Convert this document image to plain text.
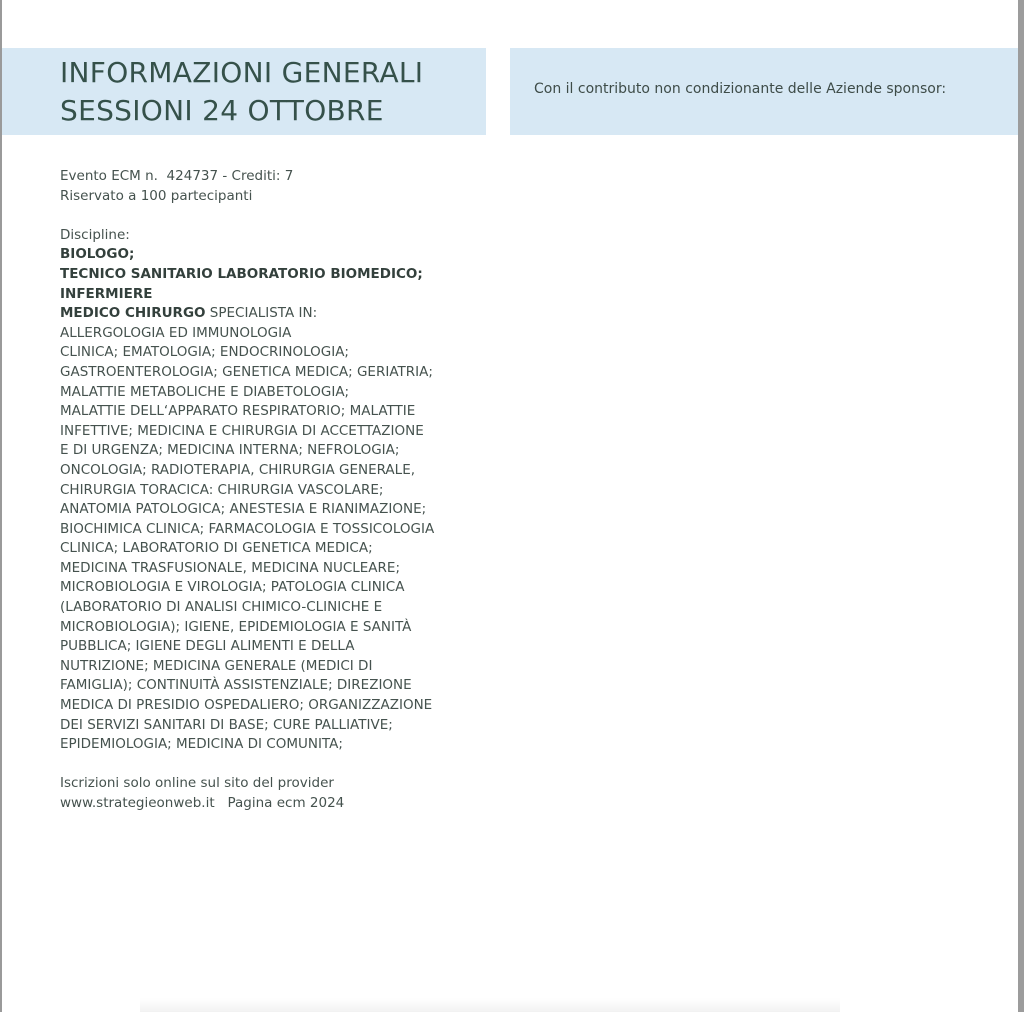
INFORMAZIONI GENERALI
SESSIONI 24 OTTOBRE
Con il contributo non condizionante delle Aziende sponsor:

Evento ECM n.  424737 - Crediti: 7

Riservato a 100 partecipanti

Discipline:

BIOLOGO;

TECNICO SANITARIO LABORATORIO BIOMEDICO;

INFERMIERE

MEDICO CHIRURGO SPECIALISTA IN:

ALLERGOLOGIA ED IMMUNOLOGIA

CLINICA; EMATOLOGIA; ENDOCRINOLOGIA;

GASTROENTEROLOGIA; GENETICA MEDICA; GERIATRIA;

MALATTIE METABOLICHE E DIABETOLOGIA;

MALATTIE DELL‘APPARATO RESPIRATORIO; MALATTIE

INFETTIVE; MEDICINA E CHIRURGIA DI ACCETTAZIONE

E DI URGENZA; MEDICINA INTERNA; NEFROLOGIA;

ONCOLOGIA; RADIOTERAPIA, CHIRURGIA GENERALE,

CHIRURGIA TORACICA: CHIRURGIA VASCOLARE;

ANATOMIA PATOLOGICA; ANESTESIA E RIANIMAZIONE;

BIOCHIMICA CLINICA; FARMACOLOGIA E TOSSICOLOGIA

CLINICA; LABORATORIO DI GENETICA MEDICA;

MEDICINA TRASFUSIONALE, MEDICINA NUCLEARE;

MICROBIOLOGIA E VIROLOGIA; PATOLOGIA CLINICA

(LABORATORIO DI ANALISI CHIMICO-CLINICHE E

MICROBIOLOGIA); IGIENE, EPIDEMIOLOGIA E SANITÀ

PUBBLICA; IGIENE DEGLI ALIMENTI E DELLA

NUTRIZIONE; MEDICINA GENERALE (MEDICI DI

FAMIGLIA); CONTINUITÀ ASSISTENZIALE; DIREZIONE

MEDICA DI PRESIDIO OSPEDALIERO; ORGANIZZAZIONE

DEI SERVIZI SANITARI DI BASE; CURE PALLIATIVE;

EPIDEMIOLOGIA; MEDICINA DI COMUNITA;

Iscrizioni solo online sul sito del provider

www.strategieonweb.it   Pagina ecm 2024
